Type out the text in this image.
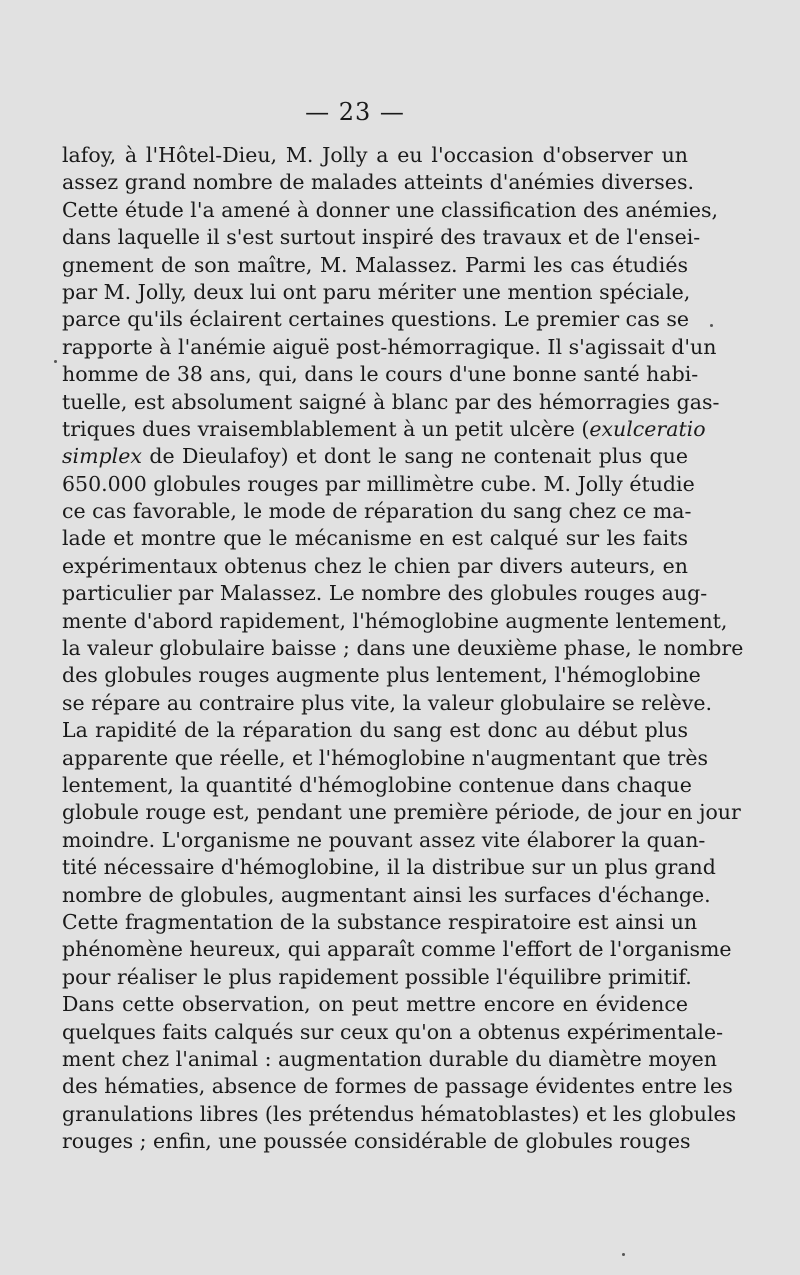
— 23 —
lafoy, à l'Hôtel-Dieu, M. Jolly a eu l'occasion d'observer un
assez grand nombre de malades atteints d'anémies diverses.
Cette étude l'a amené à donner une classification des anémies,
dans laquelle il s'est surtout inspiré des travaux et de l'ensei-
gnement de son maître, M. Malassez. Parmi les cas étudiés
par M. Jolly, deux lui ont paru mériter une mention spéciale,
parce qu'ils éclairent certaines questions. Le premier cas se
rapporte à l'anémie aiguë post-hémorragique. Il s'agissait d'un
homme de 38 ans, qui, dans le cours d'une bonne santé habi-
tuelle, est absolument saigné à blanc par des hémorragies gas-
triques dues vraisemblablement à un petit ulcère (exulceratio
simplex de Dieulafoy) et dont le sang ne contenait plus que
650.000 globules rouges par millimètre cube. M. Jolly étudie
ce cas favorable, le mode de réparation du sang chez ce ma-
lade et montre que le mécanisme en est calqué sur les faits
expérimentaux obtenus chez le chien par divers auteurs, en
particulier par Malassez. Le nombre des globules rouges aug-
mente d'abord rapidement, l'hémoglobine augmente lentement,
la valeur globulaire baisse ; dans une deuxième phase, le nombre
des globules rouges augmente plus lentement, l'hémoglobine
se répare au contraire plus vite, la valeur globulaire se relève.
La rapidité de la réparation du sang est donc au début plus
apparente que réelle, et l'hémoglobine n'augmentant que très
lentement, la quantité d'hémoglobine contenue dans chaque
globule rouge est, pendant une première période, de jour en jour
moindre. L'organisme ne pouvant assez vite élaborer la quan-
tité nécessaire d'hémoglobine, il la distribue sur un plus grand
nombre de globules, augmentant ainsi les surfaces d'échange.
Cette fragmentation de la substance respiratoire est ainsi un
phénomène heureux, qui apparaît comme l'effort de l'organisme
pour réaliser le plus rapidement possible l'équilibre primitif.
Dans cette observation, on peut mettre encore en évidence
quelques faits calqués sur ceux qu'on a obtenus expérimentale-
ment chez l'animal : augmentation durable du diamètre moyen
des hématies, absence de formes de passage évidentes entre les
granulations libres (les prétendus hématoblastes) et les globules
rouges ; enfin, une poussée considérable de globules rouges
